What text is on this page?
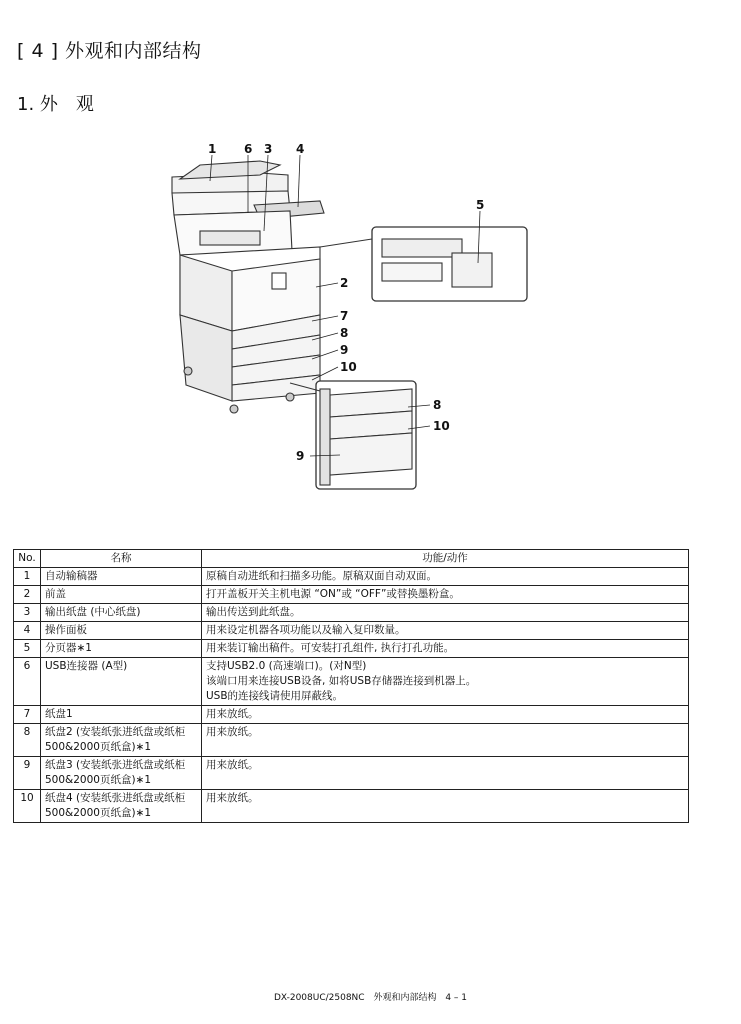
[ 4 ] 外观和内部结构
1. 外　观
1 6 3 4
5
2
7
8
9
10
8
10
9
No.	名称	功能/动作
1	自动输稿器	原稿自动进纸和扫描多功能。原稿双面自动双面。

2	前盖	打开盖板开关主机电源 “ON”或 “OFF”或替换墨粉盒。

3	输出纸盘 (中心纸盘)	输出传送到此纸盘。

4	操作面板	用来设定机器各项功能以及输入复印数量。

5	分页器∗1	用来装订输出稿件。可安装打孔组件, 执行打孔功能。

6	USB连接器 (A型)	支持USB2.0 (高速端口)。(对N型)
该端口用来连接USB设备, 如将USB存储器连接到机器上。
USB的连接线请使用屏蔽线。

7	纸盘1	用来放纸。

8	纸盘2 (安装纸张进纸盘或纸柜500&2000页纸盒)∗1	用来放纸。

9	纸盘3 (安装纸张进纸盘或纸柜500&2000页纸盒)∗1	用来放纸。

10	纸盘4 (安装纸张进纸盘或纸柜500&2000页纸盒)∗1	用来放纸。
DX-2008UC/2508NC 外观和内部结构 4 – 1
